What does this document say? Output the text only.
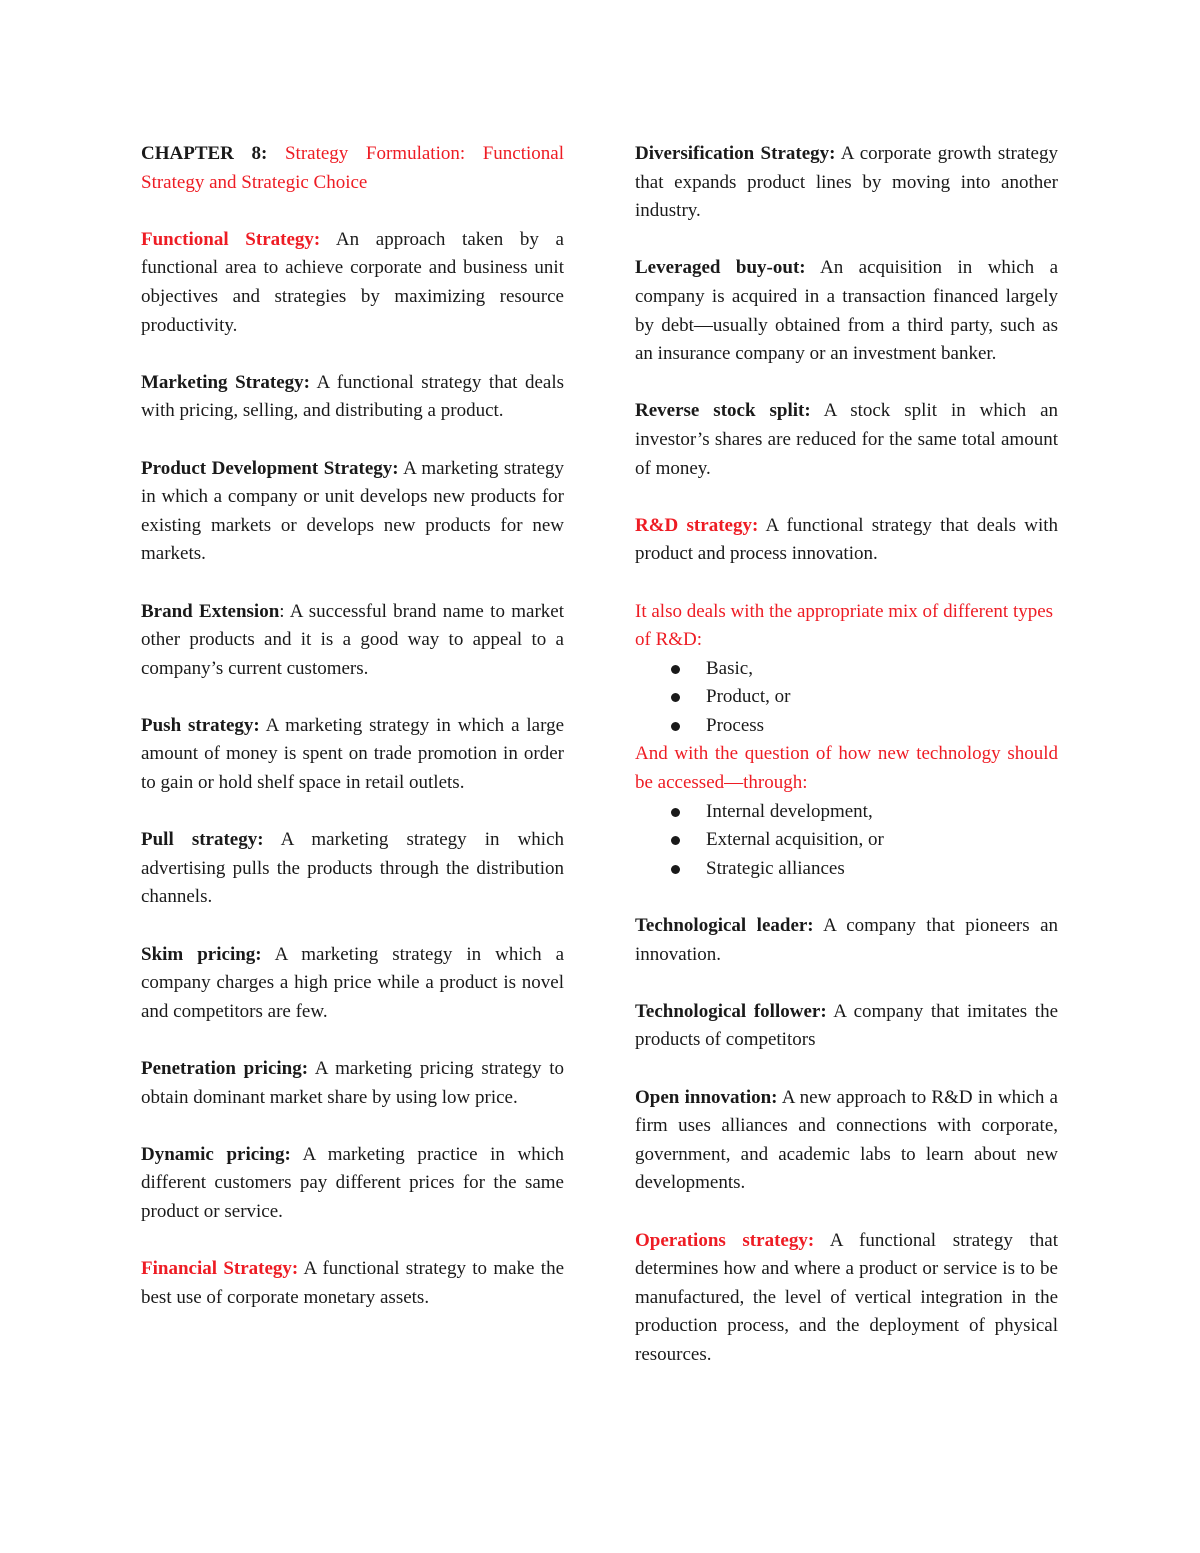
CHAPTER 8: Strategy Formulation: Functional Strategy and Strategic Choice

Functional Strategy: An approach taken by a functional area to achieve corporate and business unit objectives and strategies by maximizing resource productivity.

Marketing Strategy: A functional strategy that deals with pricing, selling, and distributing a product.

Product Development Strategy: A marketing strategy in which a company or unit develops new products for existing markets or develops new products for new markets.

Brand Extension: A successful brand name to market other products and it is a good way to appeal to a company’s current customers.

Push strategy: A marketing strategy in which a large amount of money is spent on trade promotion in order to gain or hold shelf space in retail outlets.

Pull strategy: A marketing strategy in which advertising pulls the products through the distribution channels.

Skim pricing: A marketing strategy in which a company charges a high price while a product is novel and competitors are few.

Penetration pricing: A marketing pricing strategy to obtain dominant market share by using low price.

Dynamic pricing: A marketing practice in which different customers pay different prices for the same product or service.

Financial Strategy: A functional strategy to make the best use of corporate monetary assets.

Diversification Strategy: A corporate growth strategy that expands product lines by moving into another industry.

Leveraged buy-out: An acquisition in which a company is acquired in a transaction financed largely by debt—usually obtained from a third party, such as an insurance company or an investment banker.

Reverse stock split: A stock split in which an investor’s shares are reduced for the same total amount of money.

R&D strategy: A functional strategy that deals with product and process innovation.

It also deals with the appropriate mix of different types of R&D:

Basic,
Product, or
Process

And with the question of how new technology should be accessed—through:

Internal development,
External acquisition, or
Strategic alliances

Technological leader: A company that pioneers an innovation.

Technological follower: A company that imitates the products of competitors

Open innovation: A new approach to R&D in which a firm uses alliances and connections with corporate, government, and academic labs to learn about new developments.

Operations strategy: A functional strategy that determines how and where a product or service is to be manufactured, the level of vertical integration in the production process, and the deployment of physical resources.
